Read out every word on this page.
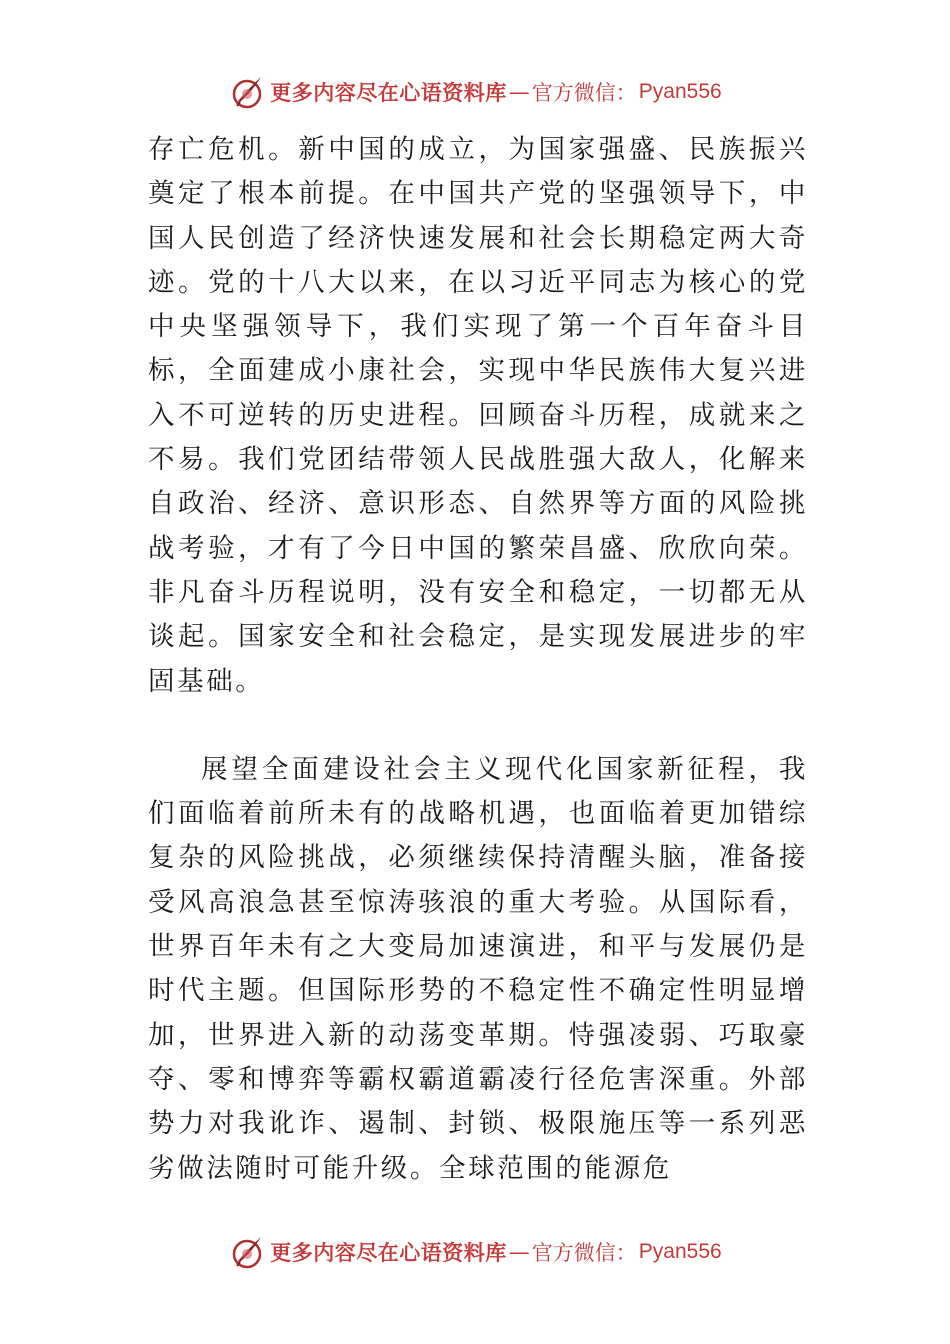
更多内容尽在心语资料库 — 官方微信： Pyan556

存亡危机。新中国的成立，为国家强盛、民族振兴奠定了根本前提。在中国共产党的坚强领导下，中国人民创造了经济快速发展和社会长期稳定两大奇迹。党的十八大以来，在以习近平同志为核心的党中央坚强领导下，我们实现了第一个百年奋斗目标，全面建成小康社会，实现中华民族伟大复兴进入不可逆转的历史进程。回顾奋斗历程，成就来之不易。我们党团结带领人民战胜强大敌人，化解来自政治、经济、意识形态、自然界等方面的风险挑战考验，才有了今日中国的繁荣昌盛、欣欣向荣。非凡奋斗历程说明，没有安全和稳定，一切都无从谈起。国家安全和社会稳定，是实现发展进步的牢固基础。

展望全面建设社会主义现代化国家新征程，我们面临着前所未有的战略机遇，也面临着更加错综复杂的风险挑战，必须继续保持清醒头脑，准备接受风高浪急甚至惊涛骇浪的重大考验。从国际看，世界百年未有之大变局加速演进，和平与发展仍是时代主题。但国际形势的不稳定性不确定性明显增加，世界进入新的动荡变革期。恃强凌弱、巧取豪夺、零和博弈等霸权霸道霸凌行径危害深重。外部势力对我讹诈、遏制、封锁、极限施压等一系列恶劣做法随时可能升级。全球范围的能源危

更多内容尽在心语资料库 — 官方微信： Pyan556
